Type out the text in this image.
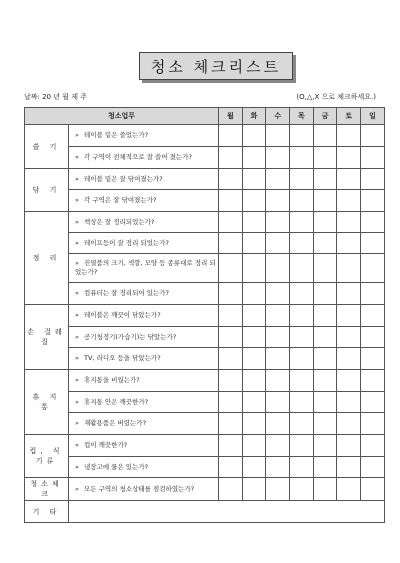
청소 체크리스트
날짜: 20 년 월 제 주	(O,△,X 으로 체크하세요.)
청소업무		월	화	수	목	금	토	일
쓸 기	» 테이블 밑은 쓸었는가?							
	» 각 구역이 전체적으로 잘 쓸어 졌는가?							
닦 기	» 테이블 밑은 잘 닦여졌는가?							
	» 각 구역은 잘 닦여졌는가?							
정 리	» 책상은 잘 정리되었는가?							
	» 테이프등이 잘 정리 되었는가?							
	» 진열품의 크기, 색깔, 모양 등 종류대로 정리 되었는가?							
	» 컴퓨터는 잘 정리되어 있는가?							
손 걸레질	» 테이블은 깨끗이 닦았는가?							
	» 공기청정기(가습기)는 닦았는가?							
	» TV, 라디오 등을 닦았는가?							
휴 지 통	» 휴지통을 비웠는가?							
	» 휴지통 안은 깨끗한가?							
	» 재활용품은 버렸는가?							
컵, 식기류	» 컵이 깨끗한가?							
	» 냉장고에 물은 있는가?							
청소체크	» 모든 구역의 청소상태를 점검하였는가?							
기 타								
